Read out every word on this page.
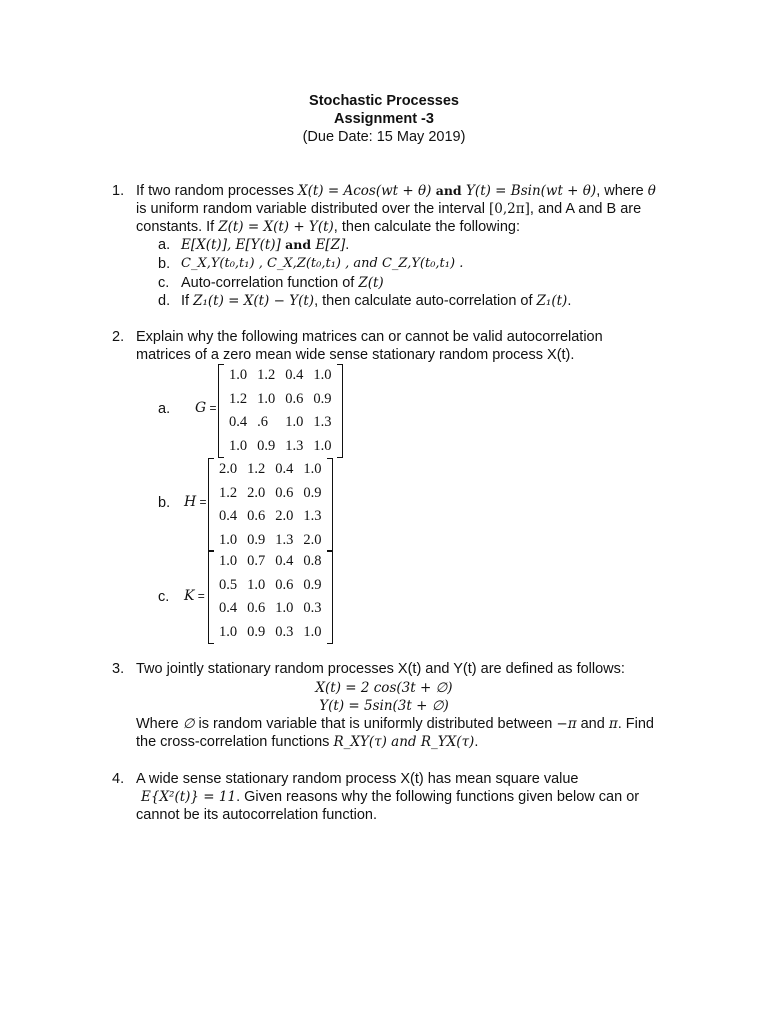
Stochastic Processes
Assignment -3
(Due Date: 15 May 2019)
1. If two random processes X(t) = Acos(wt + θ) and Y(t) = Bsin(wt + θ), where θ
is uniform random variable distributed over the interval [0,2π], and A and B are
constants. If Z(t) = X(t) + Y(t), then calculate the following:
a. E[X(t)], E[Y(t)] and E[Z].
b. C_X,Y(t₀,t₁) , C_X,Z(t₀,t₁) , and C_Z,Y(t₀,t₁) .
c. Auto-correlation function of Z(t)
d. If Z₁(t) = X(t) − Y(t), then calculate auto-correlation of Z₁(t).
2. Explain why the following matrices can or cannot be valid autocorrelation
matrices of a zero mean wide sense stationary random process X(t).
a. G =
1.0	1.2	0.4	1.0
1.2	1.0	0.6	0.9
0.4	.6	1.0	1.3
1.0	0.9	1.3	1.0
b. H =
2.0	1.2	0.4	1.0
1.2	2.0	0.6	0.9
0.4	0.6	2.0	1.3
1.0	0.9	1.3	2.0
c. K =
1.0	0.7	0.4	0.8
0.5	1.0	0.6	0.9
0.4	0.6	1.0	0.3
1.0	0.9	0.3	1.0
3. Two jointly stationary random processes X(t) and Y(t) are defined as follows:
X(t) = 2 cos(3t + ∅)
Y(t) = 5sin(3t + ∅)
Where ∅ is random variable that is uniformly distributed between −π and π. Find
the cross-correlation functions R_XY(τ) and R_YX(τ).
4. A wide sense stationary random process X(t) has mean square value
E{X²(t)} = 11. Given reasons why the following functions given below can or
cannot be its autocorrelation function.
